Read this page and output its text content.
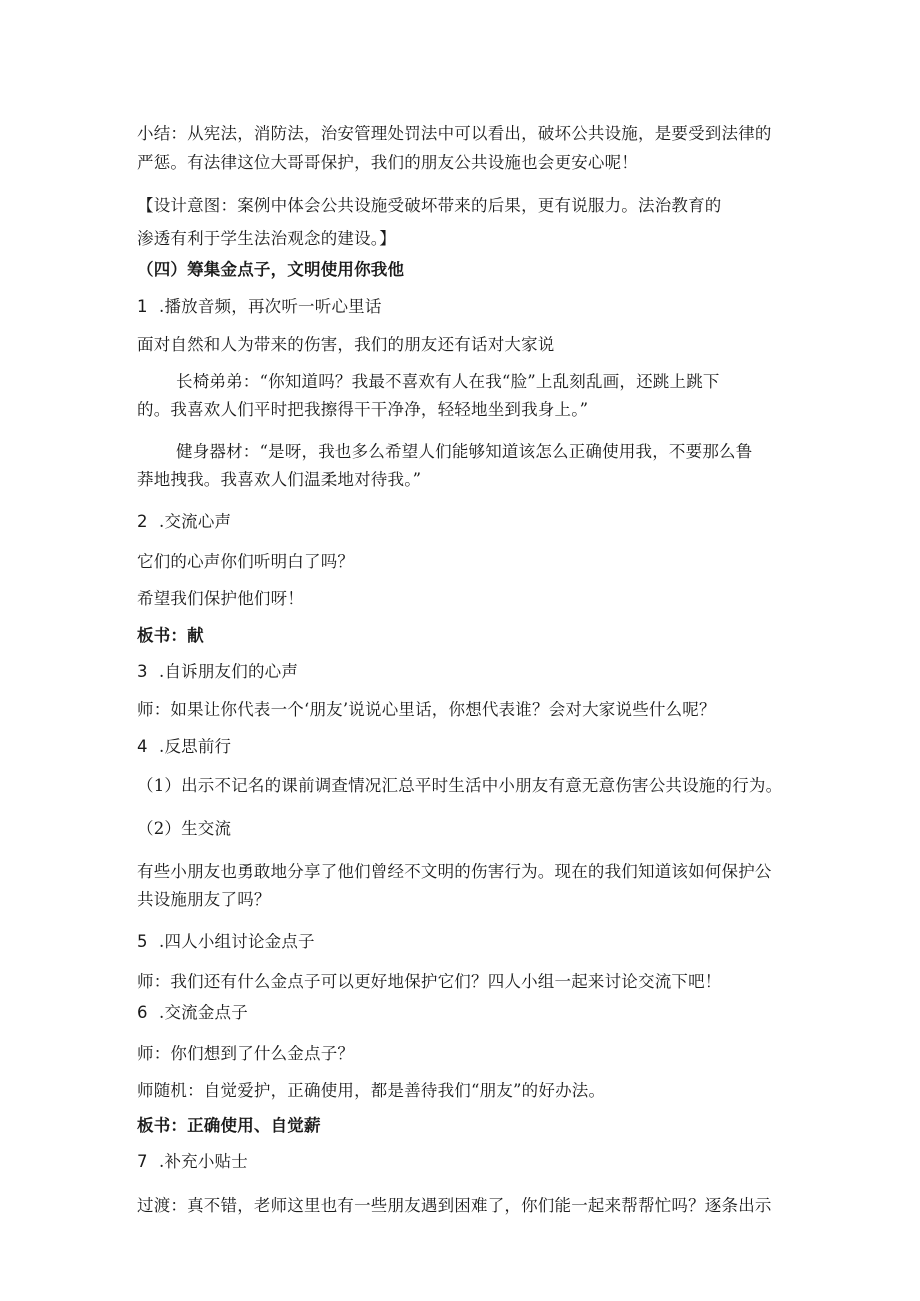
小结：从宪法，消防法，治安管理处罚法中可以看出，破坏公共设施，是要受到法律的
严惩。有法律这位大哥哥保护，我们的朋友公共设施也会更安心呢！
【设计意图：案例中体会公共设施受破坏带来的后果，更有说服力。法治教育的
渗透有利于学生法治观念的建设。】
（四）筹集金点子，文明使用你我他
1 .播放音频，再次听一听心里话
面对自然和人为带来的伤害，我们的朋友还有话对大家说
长椅弟弟：“你知道吗？我最不喜欢有人在我“脸”上乱刻乱画，还跳上跳下
的。我喜欢人们平时把我擦得干干净净，轻轻地坐到我身上。”
健身器材：“是呀，我也多么希望人们能够知道该怎么正确使用我，不要那么鲁
莽地拽我。我喜欢人们温柔地对待我。”
2 .交流心声
它们的心声你们听明白了吗？
希望我们保护他们呀！
板书：献
3 .自诉朋友们的心声
师：如果让你代表一个‘朋友’说说心里话，你想代表谁？会对大家说些什么呢？
4 .反思前行
（1）出示不记名的课前调查情况汇总平时生活中小朋友有意无意伤害公共设施的行为。
（2）生交流
有些小朋友也勇敢地分享了他们曾经不文明的伤害行为。现在的我们知道该如何保护公
共设施朋友了吗？
5 .四人小组讨论金点子
师：我们还有什么金点子可以更好地保护它们？四人小组一起来讨论交流下吧！
6 .交流金点子
师：你们想到了什么金点子？
师随机：自觉爱护，正确使用，都是善待我们“朋友”的好办法。
板书：正确使用、自觉薪
7 .补充小贴士
过渡：真不错，老师这里也有一些朋友遇到困难了，你们能一起来帮帮忙吗？逐条出示
